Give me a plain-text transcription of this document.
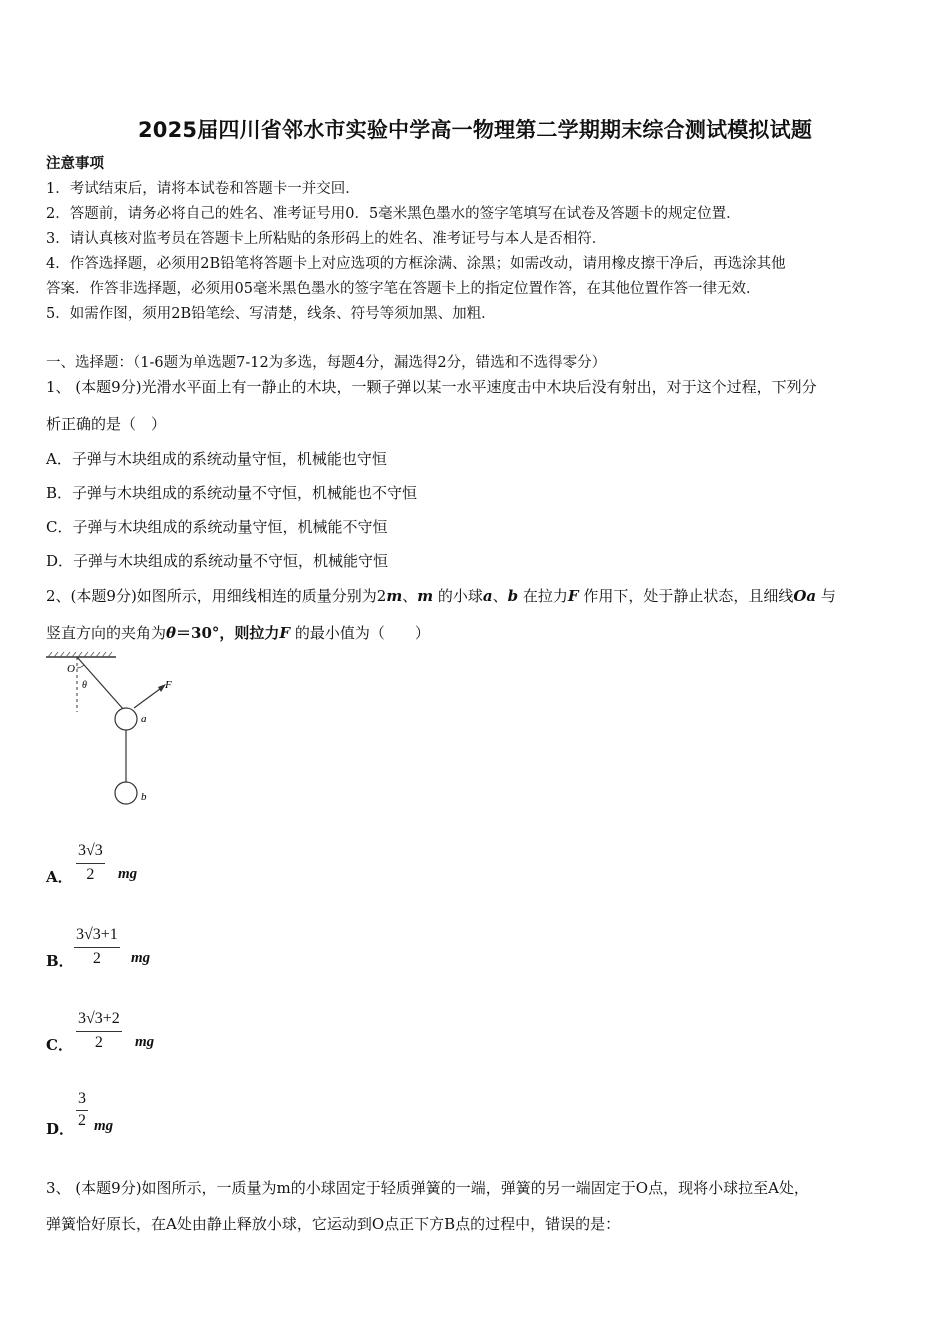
2025届四川省邻水市实验中学高一物理第二学期期末综合测试模拟试题
注意事项
1．考试结束后，请将本试卷和答题卡一并交回．
2．答题前，请务必将自己的姓名、准考证号用0．5毫米黑色墨水的签字笔填写在试卷及答题卡的规定位置．
3．请认真核对监考员在答题卡上所粘贴的条形码上的姓名、准考证号与本人是否相符．
4．作答选择题，必须用2B铅笔将答题卡上对应选项的方框涂满、涂黑；如需改动，请用橡皮擦干净后，再选涂其他
答案．作答非选择题，必须用05毫米黑色墨水的签字笔在答题卡上的指定位置作答，在其他位置作答一律无效．
5．如需作图，须用2B铅笔绘、写清楚，线条、符号等须加黑、加粗．
一、选择题：（1-6题为单选题7-12为多选，每题4分，漏选得2分，错选和不选得零分）
1、 (本题9分)光滑水平面上有一静止的木块，一颗子弹以某一水平速度击中木块后没有射出，对于这个过程，下列分
析正确的是（　）
A．子弹与木块组成的系统动量守恒，机械能也守恒
B．子弹与木块组成的系统动量不守恒，机械能也不守恒
C．子弹与木块组成的系统动量守恒，机械能不守恒
D．子弹与木块组成的系统动量不守恒，机械能守恒
2、(本题9分)如图所示，用细线相连的质量分别为2m、m 的小球a、b 在拉力F 作用下，处于静止状态，且细线Oa 与
竖直方向的夹角为θ＝30°，则拉力F 的最小值为（　　）
O
θ	F
a
b
A．
3√3
2	mg
B．
3√3+1
2	mg
C．
3√3+2
2	mg
D．
3
2 mg
3、 (本题9分)如图所示，一质量为m的小球固定于轻质弹簧的一端，弹簧的另一端固定于O点，现将小球拉至A处，
弹簧恰好原长，在A处由静止释放小球，它运动到O点正下方B点的过程中，错误的是：
